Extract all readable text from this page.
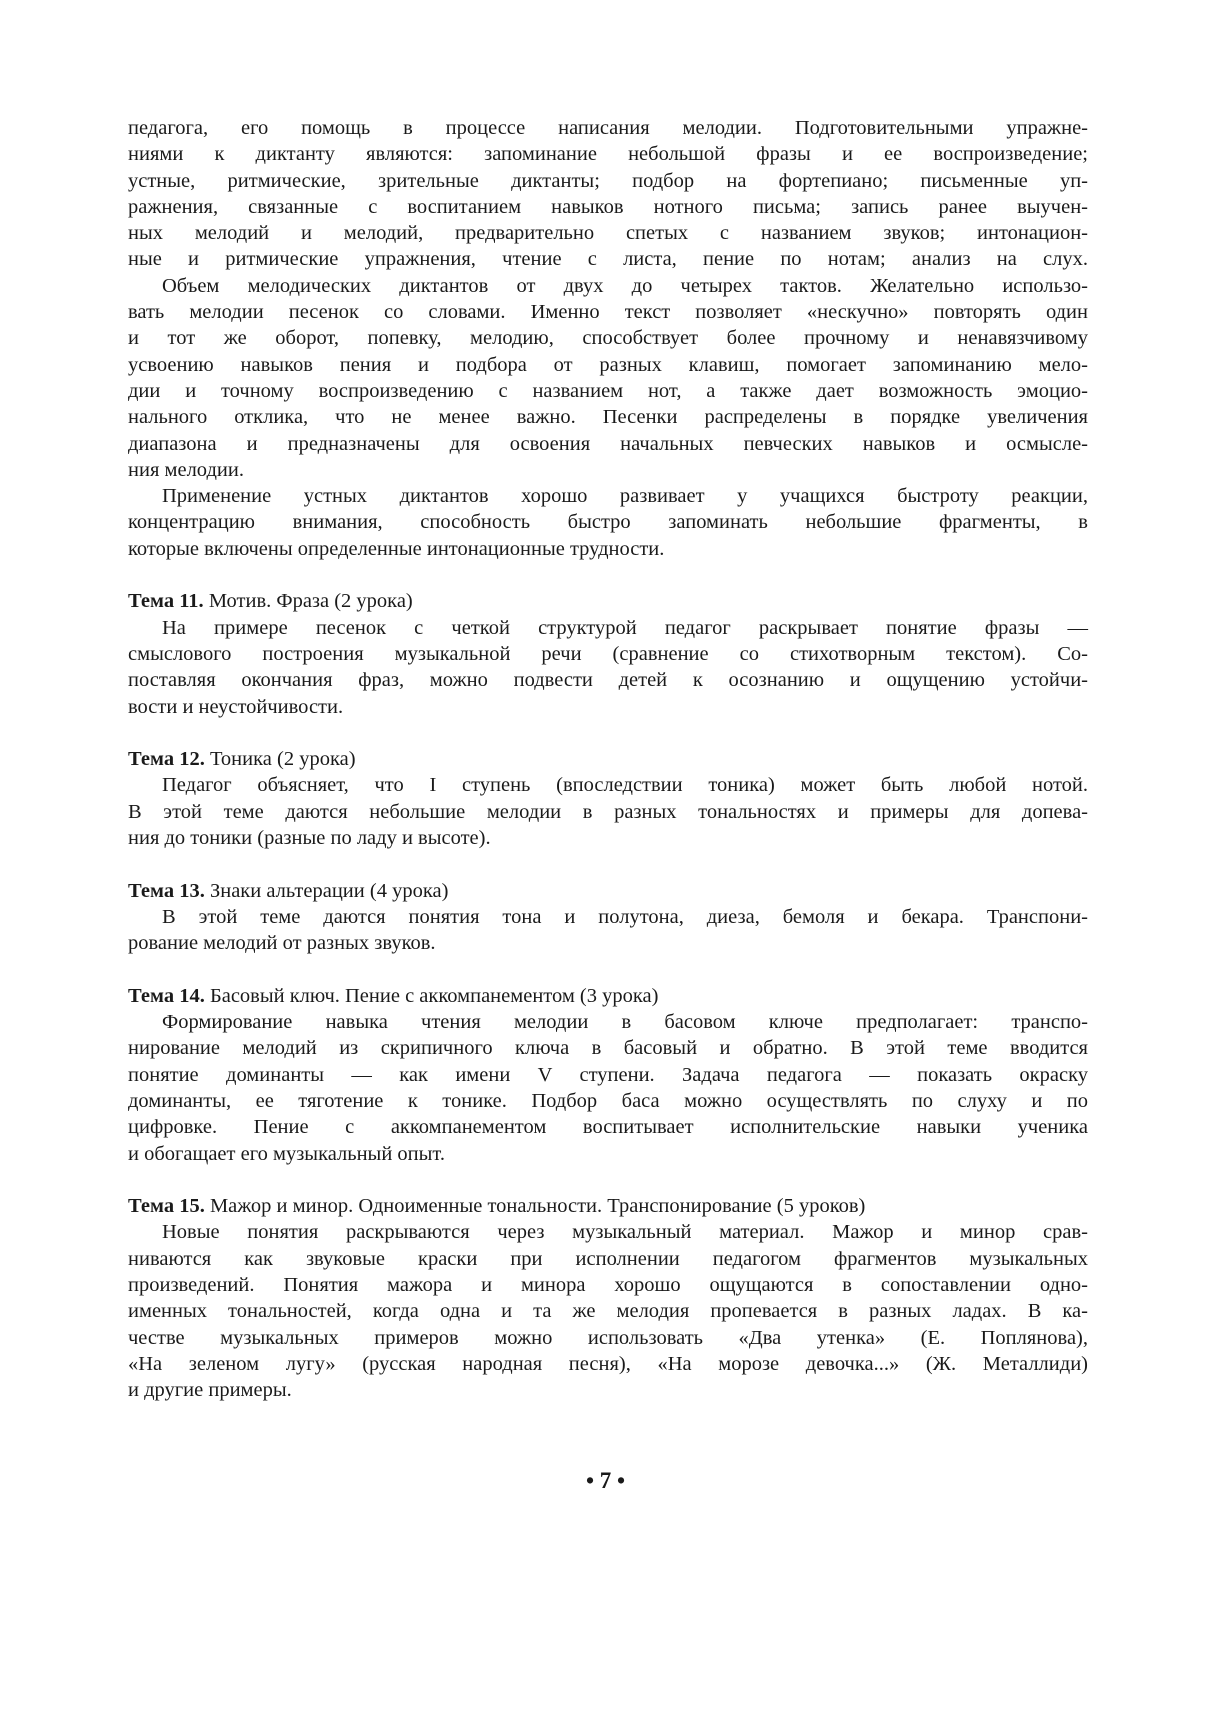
педагога, его помощь в процессе написания мелодии. Подготовительными упражне-
ниями к диктанту являются: запоминание небольшой фразы и ее воспроизведение;
устные, ритмические, зрительные диктанты; подбор на фортепиано; письменные уп-
ражнения, связанные с воспитанием навыков нотного письма; запись ранее выучен-
ных мелодий и мелодий, предварительно спетых с названием звуков; интонацион-
ные и ритмические упражнения, чтение с листа, пение по нотам; анализ на слух.
Объем мелодических диктантов от двух до четырех тактов. Желательно использо-
вать мелодии песенок со словами. Именно текст позволяет «нескучно» повторять один
и тот же оборот, попевку, мелодию, способствует более прочному и ненавязчивому
усвоению навыков пения и подбора от разных клавиш, помогает запоминанию мело-
дии и точному воспроизведению с названием нот, а также дает возможность эмоцио-
нального отклика, что не менее важно. Песенки распределены в порядке увеличения
диапазона и предназначены для освоения начальных певческих навыков и осмысле-
ния мелодии.
Применение устных диктантов хорошо развивает у учащихся быстроту реакции,
концентрацию внимания, способность быстро запоминать небольшие фрагменты, в
которые включены определенные интонационные трудности.
Тема 11. Мотив. Фраза (2 урока)
На примере песенок с четкой структурой педагог раскрывает понятие фразы —
смыслового построения музыкальной речи (сравнение со стихотворным текстом). Со-
поставляя окончания фраз, можно подвести детей к осознанию и ощущению устойчи-
вости и неустойчивости.
Тема 12. Тоника (2 урока)
Педагог объясняет, что I ступень (впоследствии тоника) может быть любой нотой.
В этой теме даются небольшие мелодии в разных тональностях и примеры для допева-
ния до тоники (разные по ладу и высоте).
Тема 13. Знаки альтерации (4 урока)
В этой теме даются понятия тона и полутона, диеза, бемоля и бекара. Транспони-
рование мелодий от разных звуков.
Тема 14. Басовый ключ. Пение с аккомпанементом (3 урока)
Формирование навыка чтения мелодии в басовом ключе предполагает: транспо-
нирование мелодий из скрипичного ключа в басовый и обратно. В этой теме вводится
понятие доминанты — как имени V ступени. Задача педагога — показать окраску
доминанты, ее тяготение к тонике. Подбор баса можно осуществлять по слуху и по
цифровке. Пение с аккомпанементом воспитывает исполнительские навыки ученика
и обогащает его музыкальный опыт.
Тема 15. Мажор и минор. Одноименные тональности. Транспонирование (5 уроков)
Новые понятия раскрываются через музыкальный материал. Мажор и минор срав-
ниваются как звуковые краски при исполнении педагогом фрагментов музыкальных
произведений. Понятия мажора и минора хорошо ощущаются в сопоставлении одно-
именных тональностей, когда одна и та же мелодия пропевается в разных ладах. В ка-
честве музыкальных примеров можно использовать «Два утенка» (Е. Поплянова),
«На зеленом лугу» (русская народная песня), «На морозе девочка...» (Ж. Металлиди)
и другие примеры.
• 7 •
